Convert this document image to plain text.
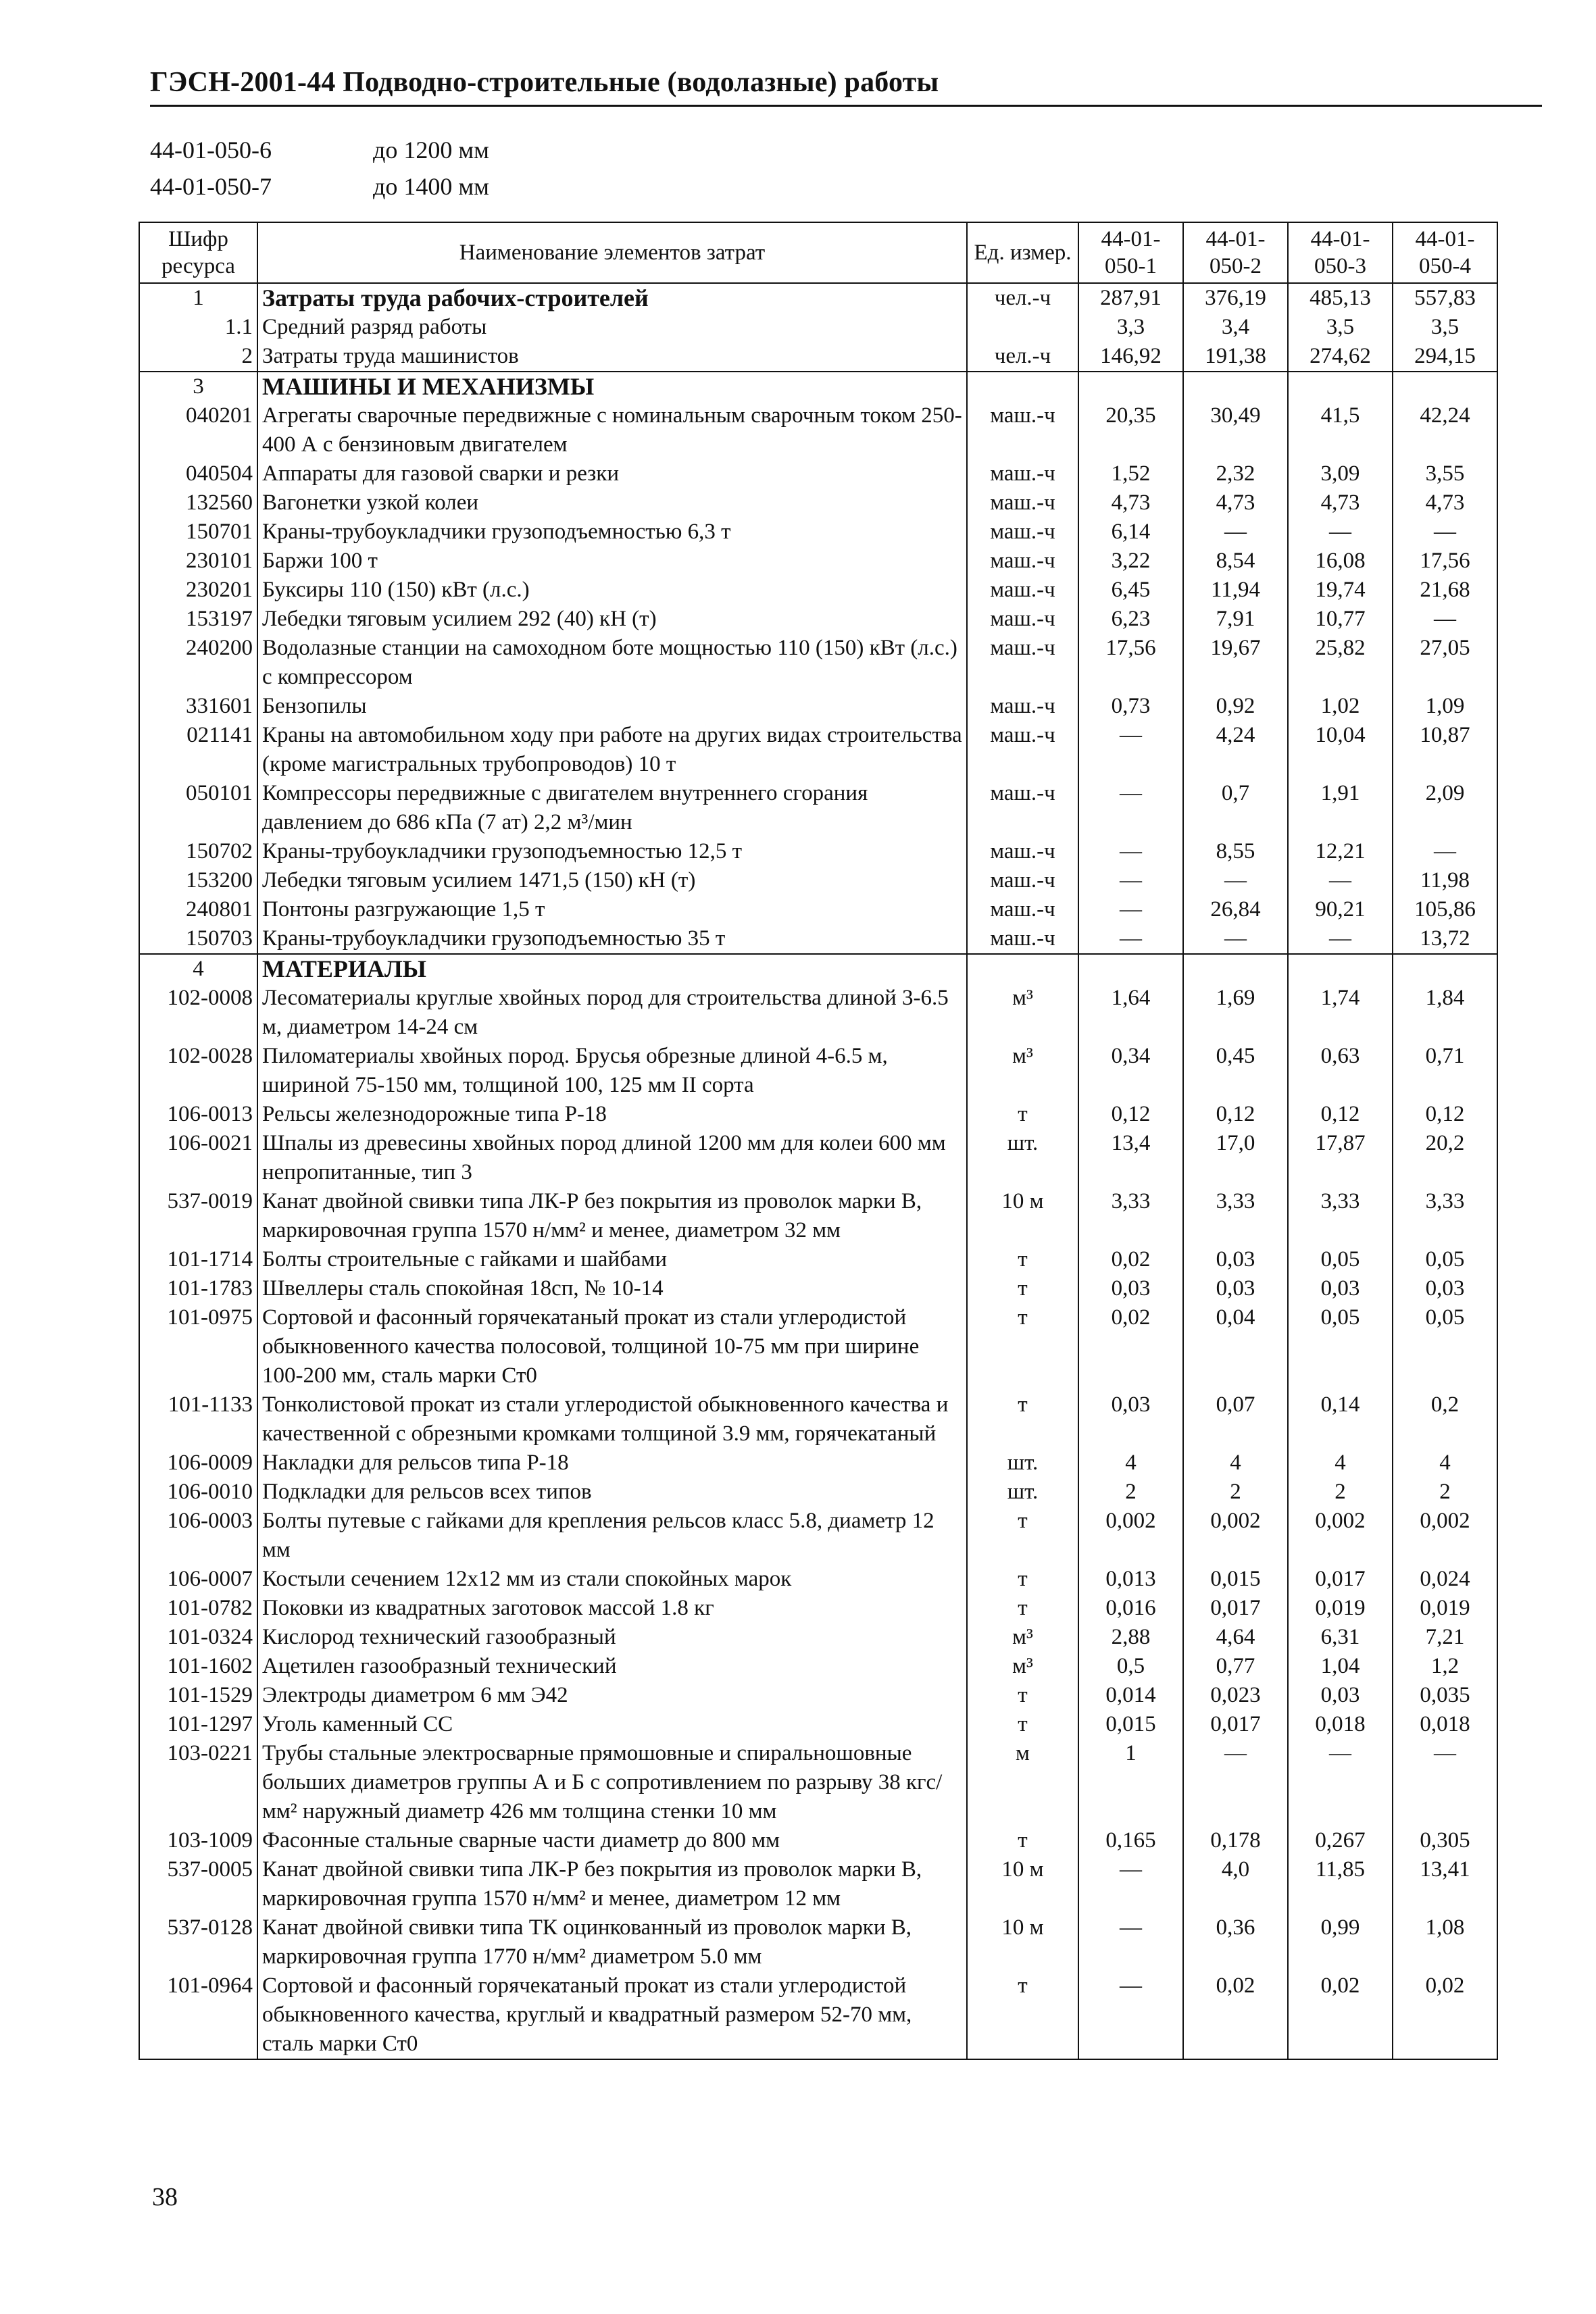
ГЭСН-2001-44 Подводно-строительные (водолазные) работы
44-01-050-6	до 1200 мм
44-01-050-7	до 1400 мм
Шифр ресурса	Наименование элементов затрат	Ед. измер.	44-01-050-1	44-01-050-2	44-01-050-3	44-01-050-4
1	Затраты труда рабочих-строителей	чел.-ч	287,91	376,19	485,13	557,83
1.1	Средний разряд работы		3,3	3,4	3,5	3,5
2	Затраты труда машинистов	чел.-ч	146,92	191,38	274,62	294,15
3	МАШИНЫ И МЕХАНИЗМЫ					
040201	Агрегаты сварочные передвижные с номинальным сварочным током 250-400 А с бензиновым двигателем	маш.-ч	20,35	30,49	41,5	42,24
040504	Аппараты для газовой сварки и резки	маш.-ч	1,52	2,32	3,09	3,55
132560	Вагонетки узкой колеи	маш.-ч	4,73	4,73	4,73	4,73
150701	Краны-трубоукладчики грузоподъемностью 6,3 т	маш.-ч	6,14	—	—	—
230101	Баржи 100 т	маш.-ч	3,22	8,54	16,08	17,56
230201	Буксиры 110 (150) кВт (л.с.)	маш.-ч	6,45	11,94	19,74	21,68
153197	Лебедки тяговым усилием 292 (40) кН (т)	маш.-ч	6,23	7,91	10,77	—
240200	Водолазные станции на самоходном боте мощностью 110 (150) кВт (л.с.) с компрессором	маш.-ч	17,56	19,67	25,82	27,05
331601	Бензопилы	маш.-ч	0,73	0,92	1,02	1,09
021141	Краны на автомобильном ходу при работе на других видах строительства (кроме магистральных трубопроводов) 10 т	маш.-ч	—	4,24	10,04	10,87
050101	Компрессоры передвижные с двигателем внутреннего сгорания давлением до 686 кПа (7 ат) 2,2 м³/мин	маш.-ч	—	0,7	1,91	2,09
150702	Краны-трубоукладчики грузоподъемностью 12,5 т	маш.-ч	—	8,55	12,21	—
153200	Лебедки тяговым усилием 1471,5 (150) кН (т)	маш.-ч	—	—	—	11,98
240801	Понтоны разгружающие 1,5 т	маш.-ч	—	26,84	90,21	105,86
150703	Краны-трубоукладчики грузоподъемностью 35 т	маш.-ч	—	—	—	13,72
4	МАТЕРИАЛЫ					
102-0008	Лесоматериалы круглые хвойных пород для строительства длиной 3-6.5 м, диаметром 14-24 см	м³	1,64	1,69	1,74	1,84
102-0028	Пиломатериалы хвойных пород. Брусья обрезные длиной 4-6.5 м, шириной 75-150 мм, толщиной 100, 125 мм II сорта	м³	0,34	0,45	0,63	0,71
106-0013	Рельсы железнодорожные типа Р-18	т	0,12	0,12	0,12	0,12
106-0021	Шпалы из древесины хвойных пород длиной 1200 мм для колеи 600 мм непропитанные, тип 3	шт.	13,4	17,0	17,87	20,2
537-0019	Канат двойной свивки типа ЛК-Р без покрытия из проволок марки В, маркировочная группа 1570 н/мм² и менее, диаметром 32 мм	10 м	3,33	3,33	3,33	3,33
101-1714	Болты строительные с гайками и шайбами	т	0,02	0,03	0,05	0,05
101-1783	Швеллеры сталь спокойная 18сп, № 10-14	т	0,03	0,03	0,03	0,03
101-0975	Сортовой и фасонный горячекатаный прокат из стали углеродистой обыкновенного качества полосовой, толщиной 10-75 мм при ширине 100-200 мм, сталь марки Ст0	т	0,02	0,04	0,05	0,05
101-1133	Тонколистовой прокат из стали углеродистой обыкновенного качества и качественной с обрезными кромками толщиной 3.9 мм, горячекатаный	т	0,03	0,07	0,14	0,2
106-0009	Накладки для рельсов типа Р-18	шт.	4	4	4	4
106-0010	Подкладки для рельсов всех типов	шт.	2	2	2	2
106-0003	Болты путевые с гайками для крепления рельсов класс 5.8, диаметр 12 мм	т	0,002	0,002	0,002	0,002
106-0007	Костыли сечением 12x12 мм из стали спокойных марок	т	0,013	0,015	0,017	0,024
101-0782	Поковки из квадратных заготовок массой 1.8 кг	т	0,016	0,017	0,019	0,019
101-0324	Кислород технический газообразный	м³	2,88	4,64	6,31	7,21
101-1602	Ацетилен газообразный технический	м³	0,5	0,77	1,04	1,2
101-1529	Электроды диаметром 6 мм Э42	т	0,014	0,023	0,03	0,035
101-1297	Уголь каменный СС	т	0,015	0,017	0,018	0,018
103-0221	Трубы стальные электросварные прямошовные и спиральношовные больших диаметров группы А и Б с сопротивлением по разрыву 38 кгс/мм² наружный диаметр 426 мм толщина стенки 10 мм	м	1	—	—	—
103-1009	Фасонные стальные сварные части диаметр до 800 мм	т	0,165	0,178	0,267	0,305
537-0005	Канат двойной свивки типа ЛК-Р без покрытия из проволок марки В, маркировочная группа 1570 н/мм² и менее, диаметром 12 мм	10 м	—	4,0	11,85	13,41
537-0128	Канат двойной свивки типа ТК оцинкованный из проволок марки В, маркировочная группа 1770 н/мм² диаметром 5.0 мм	10 м	—	0,36	0,99	1,08
101-0964	Сортовой и фасонный горячекатаный прокат из стали углеродистой обыкновенного качества, круглый и квадратный размером 52-70 мм, сталь марки Ст0	т	—	0,02	0,02	0,02
38
